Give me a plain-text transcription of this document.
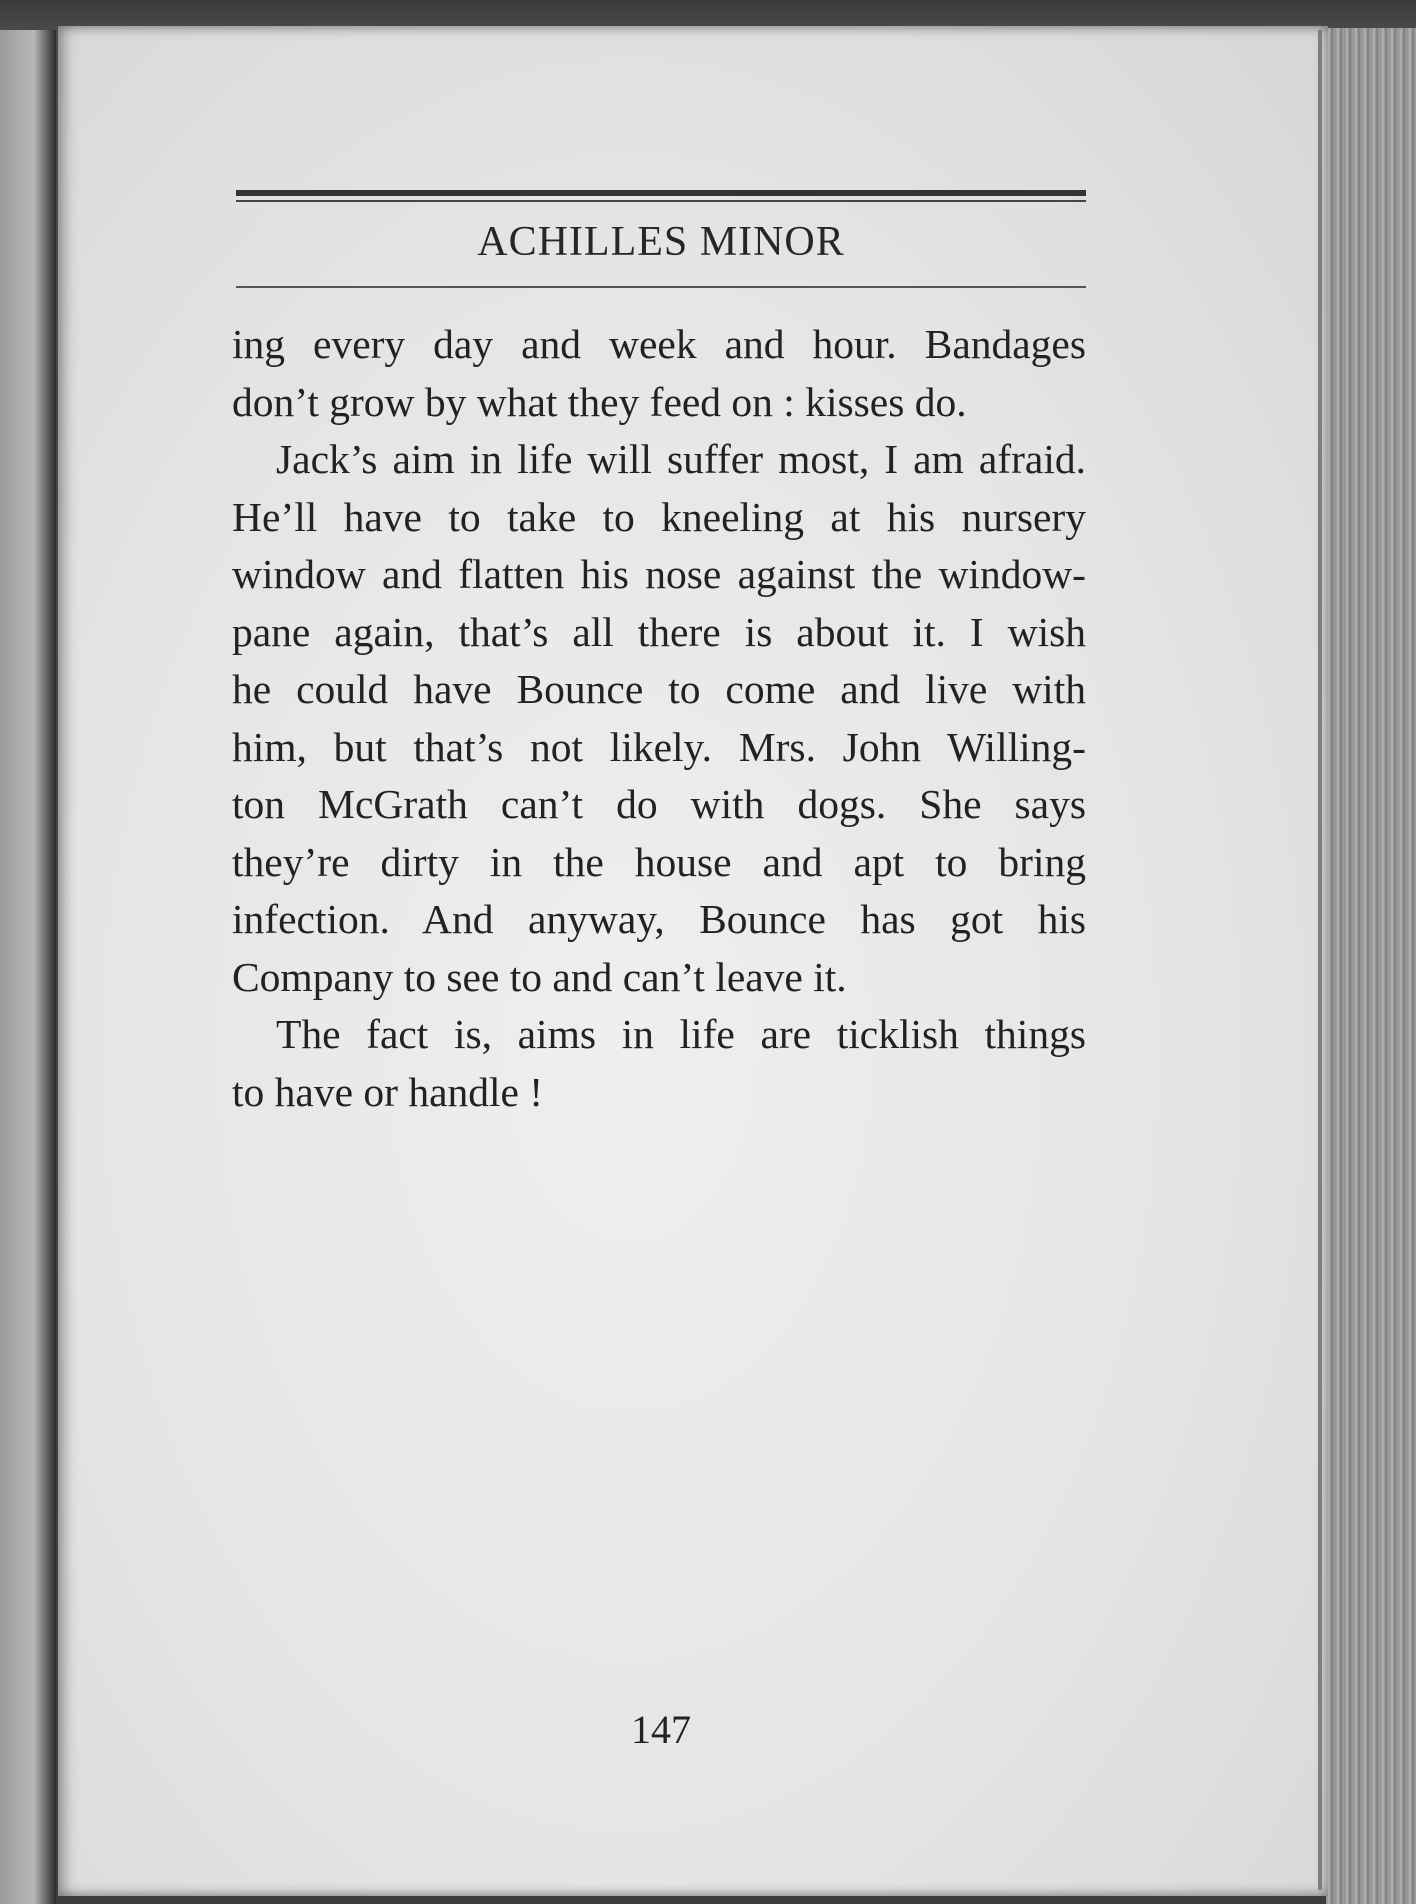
ACHILLES MINOR

ing every day and week and hour. Bandages

don’t grow by what they feed on : kisses do.

Jack’s aim in life will suffer most, I am afraid.

He’ll have to take to kneeling at his nursery

window and flatten his nose against the window-

pane again, that’s all there is about it. I wish

he could have Bounce to come and live with

him, but that’s not likely. Mrs. John Willing-

ton McGrath can’t do with dogs. She says

they’re dirty in the house and apt to bring

infection. And anyway, Bounce has got his

Company to see to and can’t leave it.

The fact is, aims in life are ticklish things

to have or handle !

147
